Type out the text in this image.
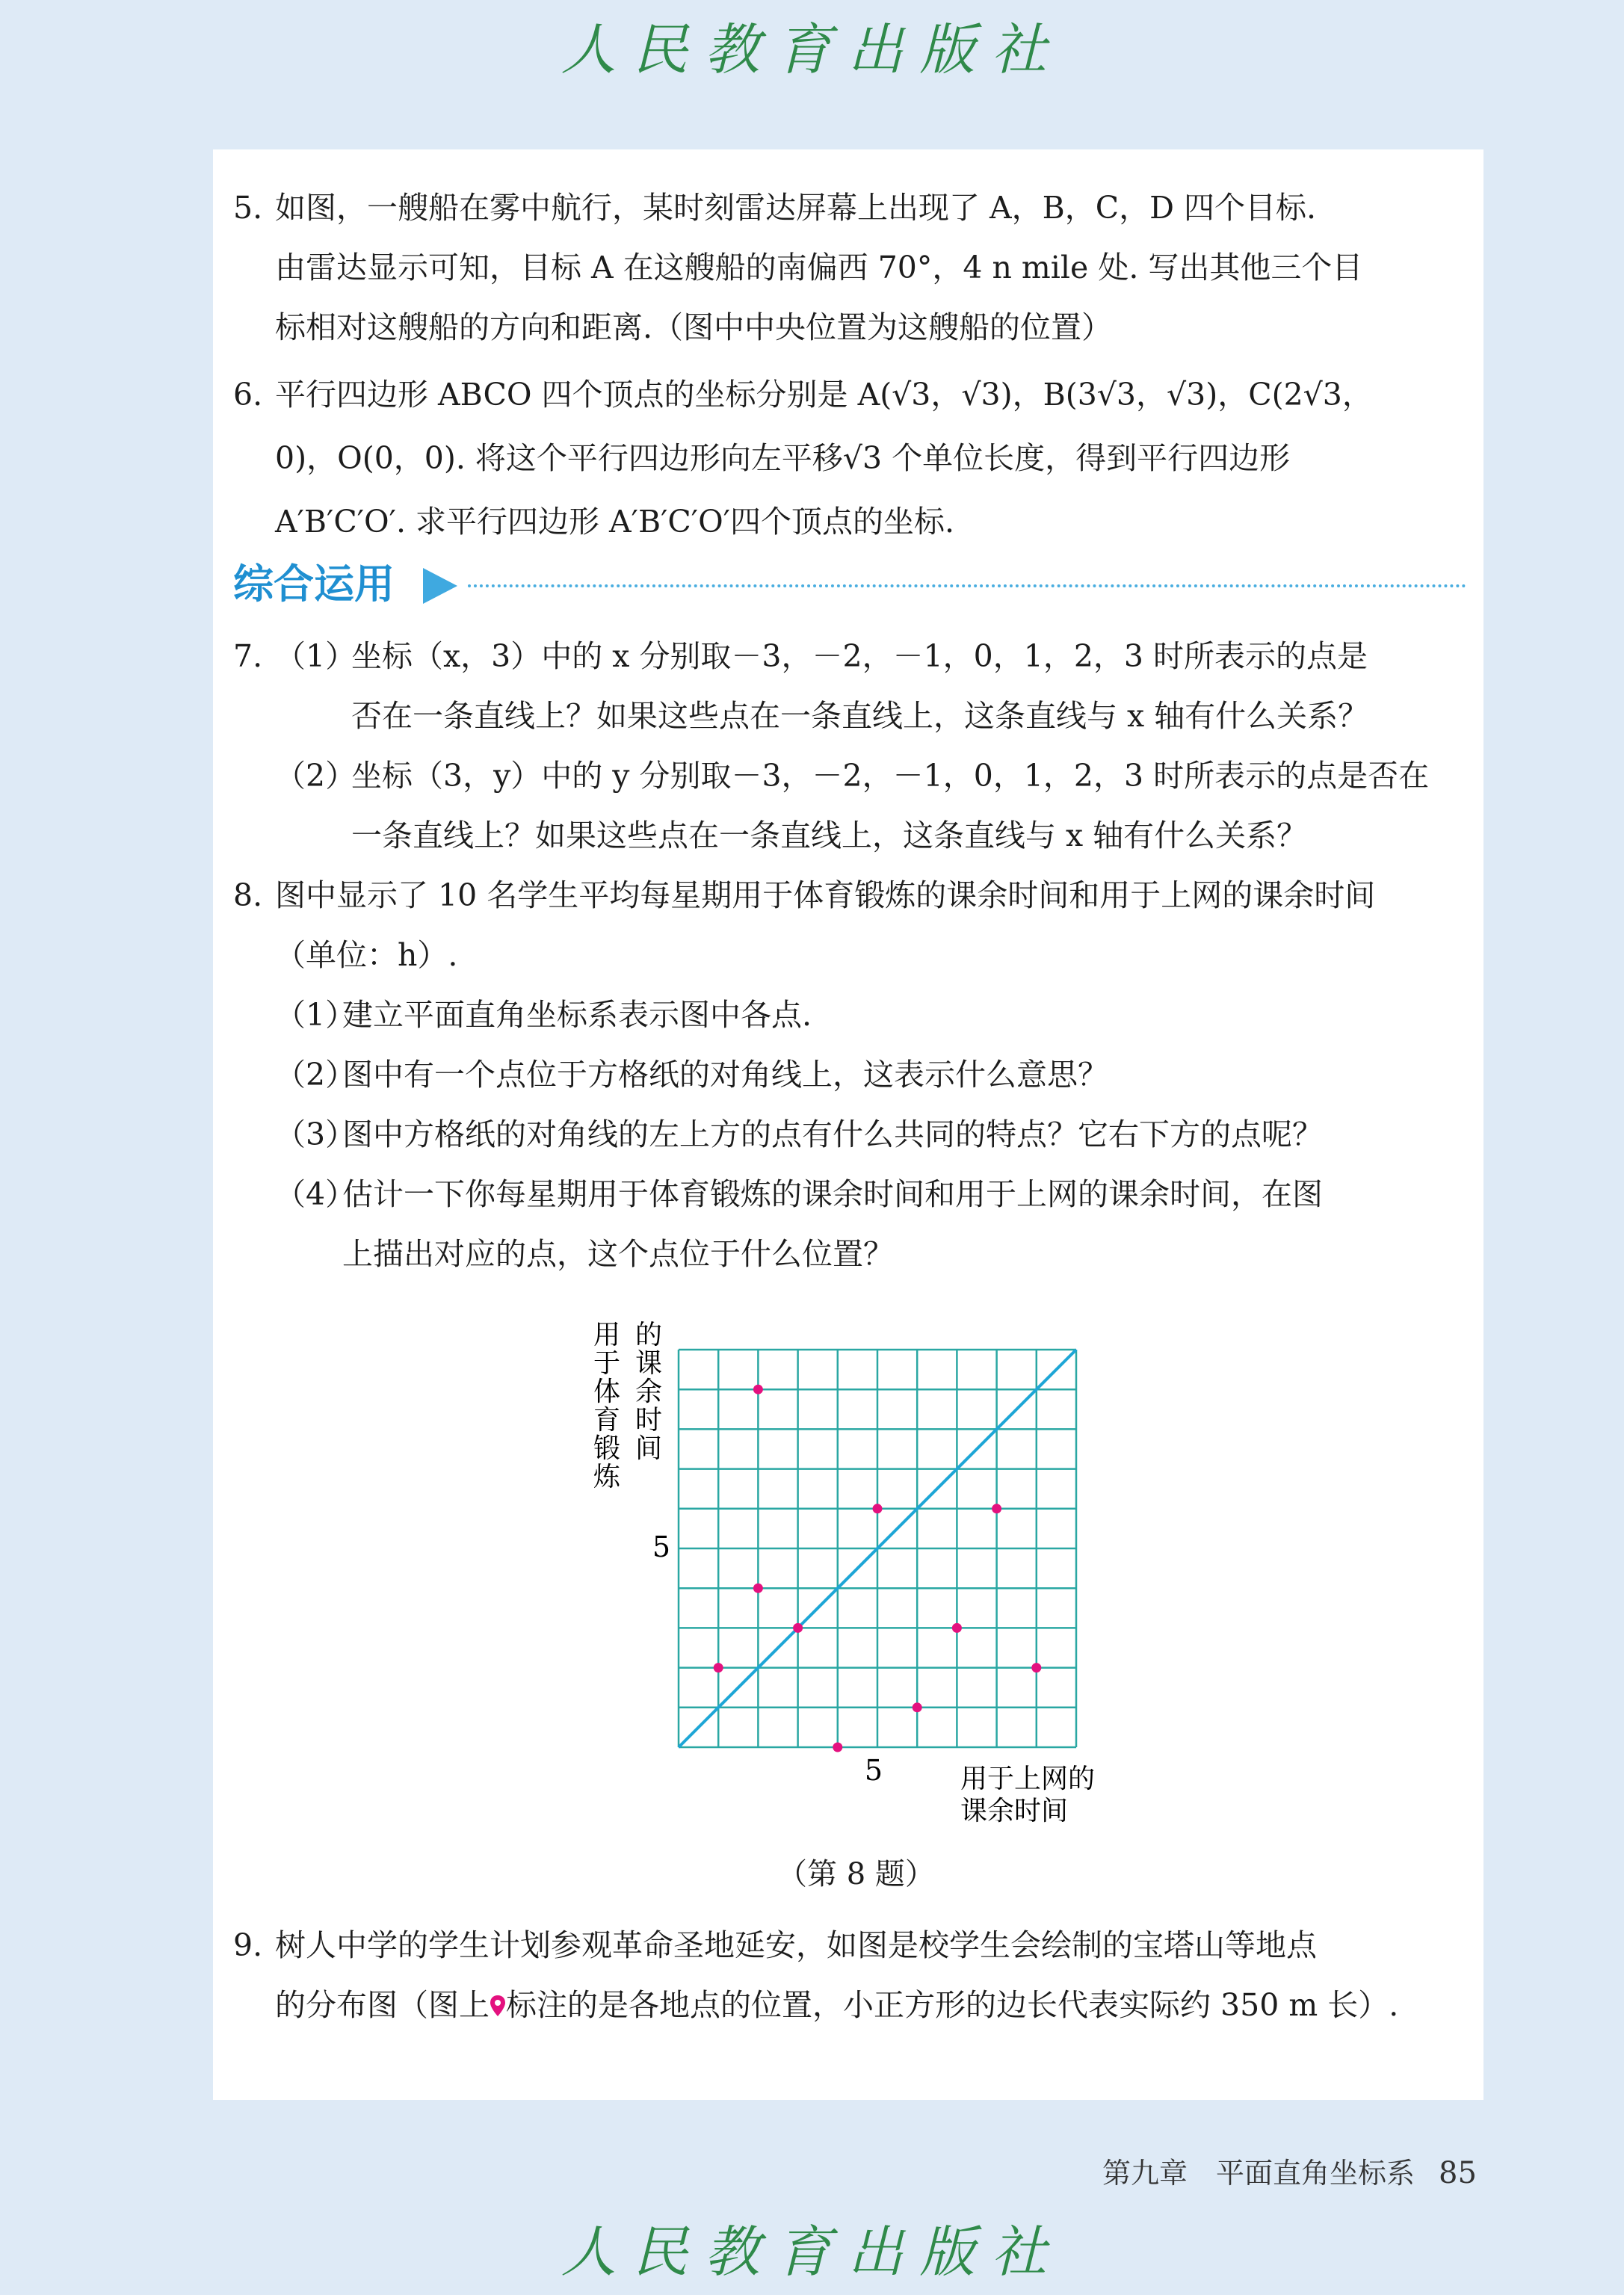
人民教育出版社
5. 如图，一艘船在雾中航行，某时刻雷达屏幕上出现了 A，B，C，D 四个目标.
由雷达显示可知，目标 A 在这艘船的南偏西 70°，4 n mile 处. 写出其他三个目
标相对这艘船的方向和距离.（图中中央位置为这艘船的位置）
6. 平行四边形 ABCO 四个顶点的坐标分别是 A(√3，√3)，B(3√3，√3)，C(2√3，
0)，O(0，0). 将这个平行四边形向左平移√3 个单位长度，得到平行四边形
A′B′C′O′. 求平行四边形 A′B′C′O′四个顶点的坐标.
综合运用
7. （1）
坐标（x，3）中的 x 分别取－3，－2，－1，0，1，2，3 时所表示的点是
否在一条直线上？如果这些点在一条直线上，这条直线与 x 轴有什么关系？
（2）
坐标（3，y）中的 y 分别取－3，－2，－1，0，1，2，3 时所表示的点是否在
一条直线上？如果这些点在一条直线上，这条直线与 x 轴有什么关系？
8. 图中显示了 10 名学生平均每星期用于体育锻炼的课余时间和用于上网的课余时间
（单位：h）.
（1）
建立平面直角坐标系表示图中各点.
（2）
图中有一个点位于方格纸的对角线上，这表示什么意思？
（3）
图中方格纸的对角线的左上方的点有什么共同的特点？它右下方的点呢？
（4）
估计一下你每星期用于体育锻炼的课余时间和用于上网的课余时间，在图
上描出对应的点，这个点位于什么位置？
用于体育锻炼
的课余时间
5
5	用于上网的
课余时间
（第 8 题）
9. 树人中学的学生计划参观革命圣地延安，如图是校学生会绘制的宝塔山等地点
的分布图（图上 标注的是各地点的位置，小正方形的边长代表实际约 350 m 长）.
第九章　平面直角坐标系 85
人民教育出版社
